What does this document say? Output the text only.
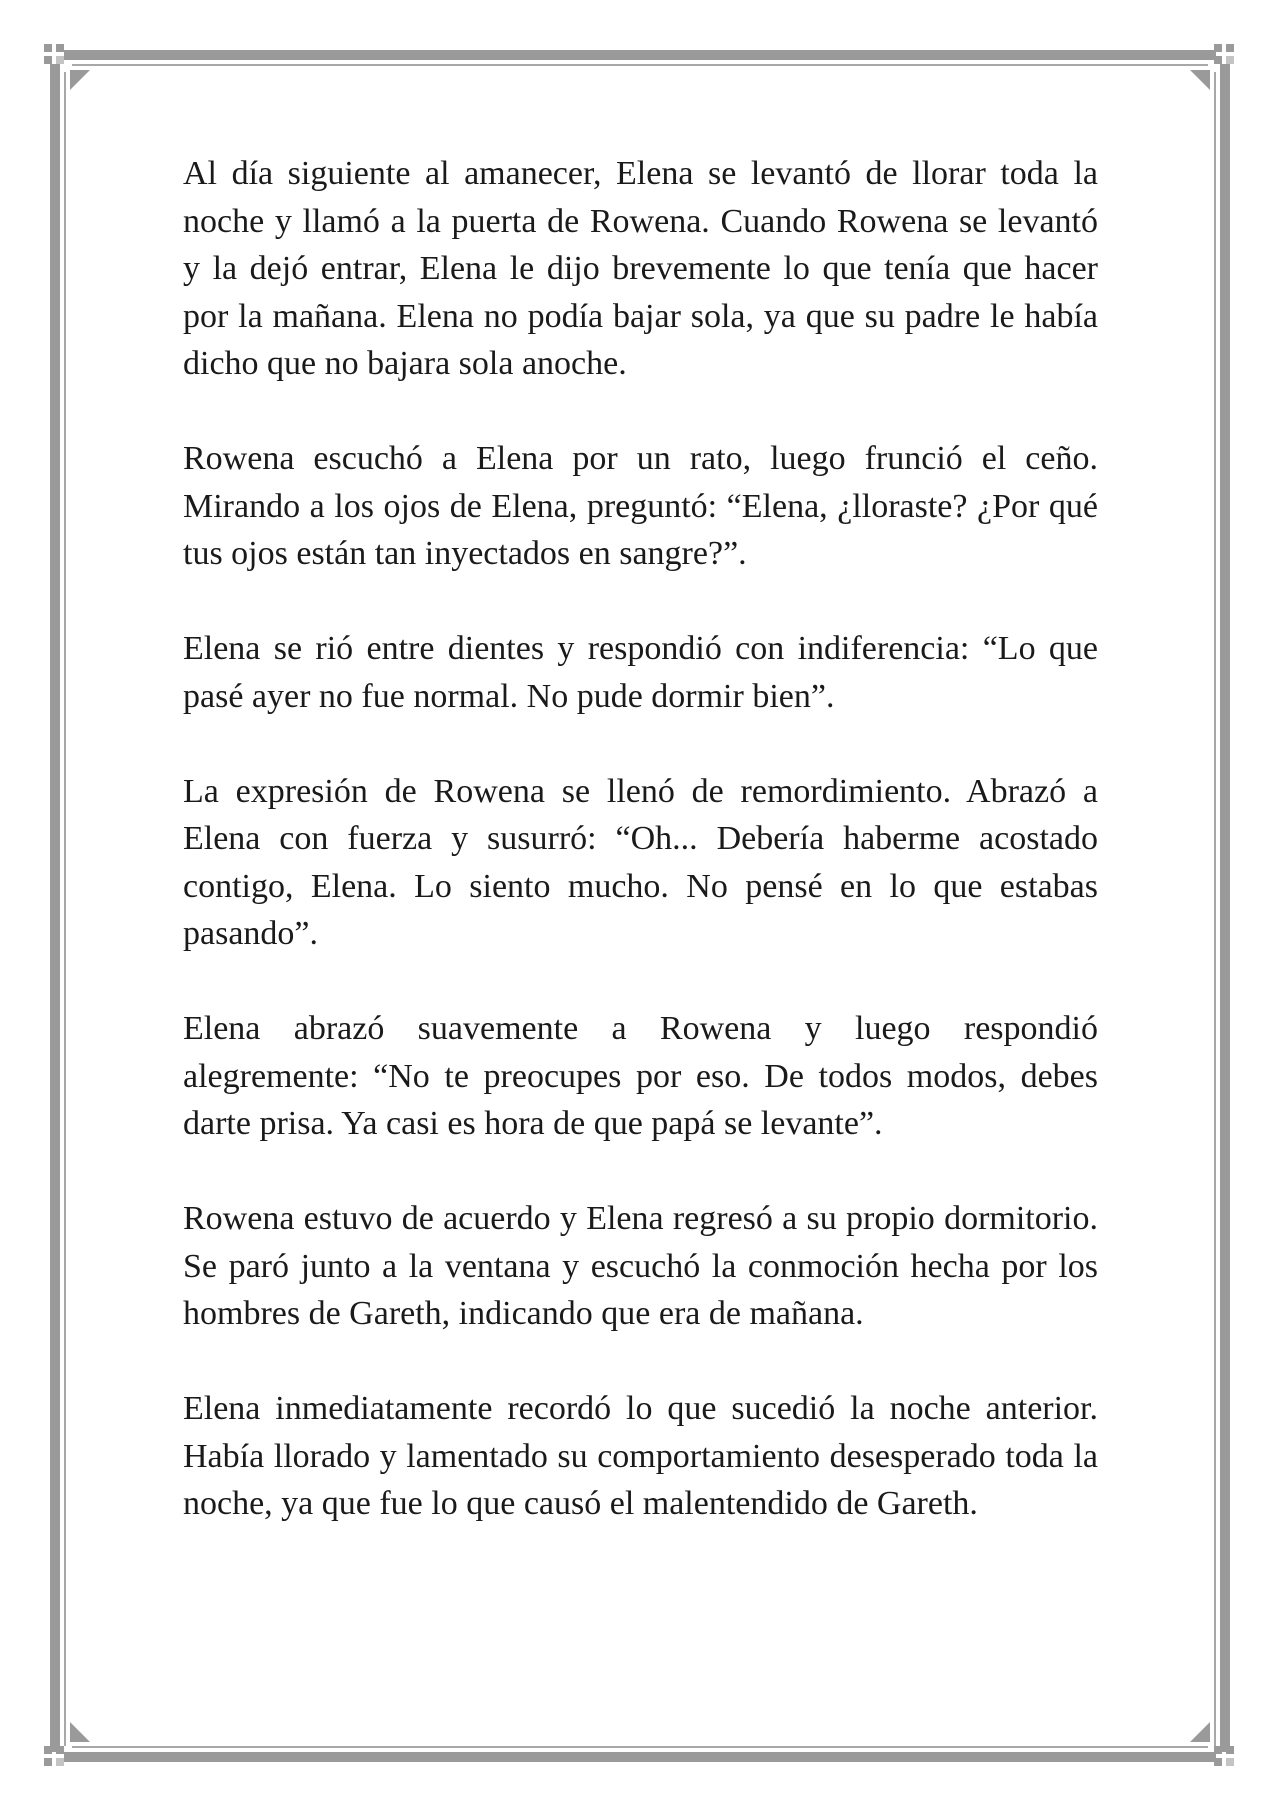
Al día siguiente al amanecer, Elena se levantó de llorar toda la noche y llamó a la puerta de Rowena. Cuando Rowena se levantó y la dejó entrar, Elena le dijo brevemente lo que tenía que hacer por la mañana. Elena no podía bajar sola, ya que su padre le había dicho que no bajara sola anoche.

Rowena escuchó a Elena por un rato, luego frunció el ceño. Mirando a los ojos de Elena, preguntó: “Elena, ¿lloraste? ¿Por qué tus ojos están tan inyectados en sangre?”.

Elena se rió entre dientes y respondió con indiferencia: “Lo que pasé ayer no fue normal. No pude dormir bien”.

La expresión de Rowena se llenó de remordimiento. Abrazó a Elena con fuerza y susurró: “Oh... Debería haberme acostado contigo, Elena. Lo siento mucho. No pensé en lo que estabas pasando”.

Elena abrazó suavemente a Rowena y luego respondió alegremente: “No te preocupes por eso. De todos modos, debes darte prisa. Ya casi es hora de que papá se levante”.

Rowena estuvo de acuerdo y Elena regresó a su propio dormitorio. Se paró junto a la ventana y escuchó la conmoción hecha por los hombres de Gareth, indicando que era de mañana.

Elena inmediatamente recordó lo que sucedió la noche anterior. Había llorado y lamentado su comportamiento desesperado toda la noche, ya que fue lo que causó el malentendido de Gareth.
